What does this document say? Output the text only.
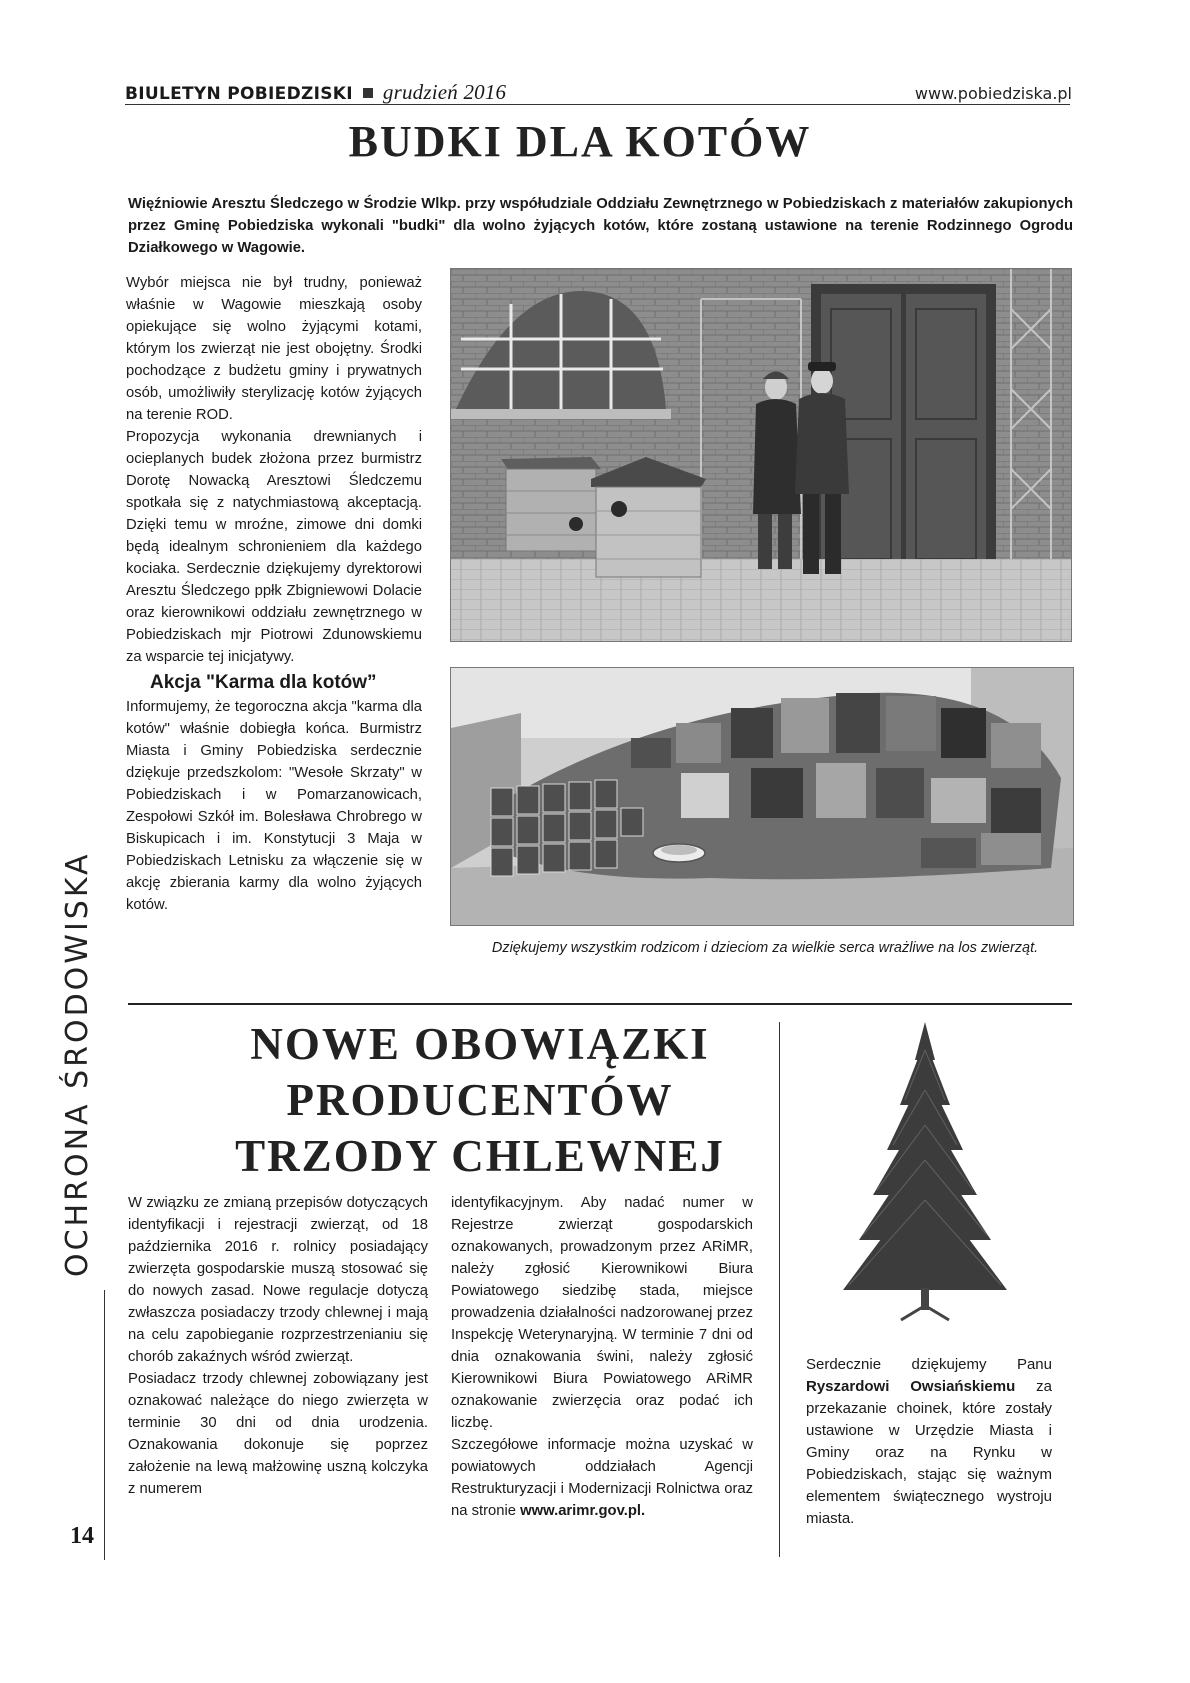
BIULETYN POBIEDZISKI grudzień 2016	www.pobiedziska.pl
BUDKI DLA KOTÓW

Więźniowie Aresztu Śledczego w Środzie Wlkp. przy współudziale Oddziału Zewnętrznego w Pobiedziskach z materiałów zakupionych przez Gminę Pobiedziska wykonali "budki" dla wolno żyjących kotów, które zostaną ustawione na terenie Rodzinnego Ogrodu Działkowego w Wagowie.

Wybór miejsca nie był trudny, ponieważ właśnie w Wagowie mieszkają osoby opiekujące się wolno żyjącymi kotami, którym los zwierząt nie jest obojętny. Środki pochodzące z budżetu gminy i prywatnych osób, umożliwiły sterylizację kotów żyjących na terenie ROD.

Propozycja wykonania drewnianych i ocieplanych budek złożona przez burmistrz Dorotę Nowacką Aresztowi Śledczemu spotkała się z natychmiastową akceptacją. Dzięki temu w mroźne, zimowe dni domki będą idealnym schronieniem dla każdego kociaka. Serdecznie dziękujemy dyrektorowi Aresztu Śledczego ppłk Zbigniewowi Dolacie oraz kierownikowi oddziału zewnętrznego w Pobiedziskach mjr Piotrowi Zdunowskiemu za wsparcie tej inicjatywy.

Akcja "Karma dla kotów”

Informujemy, że tegoroczna akcja "karma dla kotów" właśnie dobiegła końca. Burmistrz Miasta i Gminy Pobiedziska serdecznie dziękuje przedszkolom: "Wesołe Skrzaty" w Pobiedziskach i w Pomarzanowicach, Zespołowi Szkół im. Bolesława Chrobrego w Biskupicach i im. Konstytucji 3 Maja w Pobiedziskach Letnisku za włączenie się w akcję zbierania karmy dla wolno żyjących kotów.

Dziękujemy wszystkim rodzicom i dzieciom za wielkie serca wrażliwe na los zwierząt.
OCHRONA ŚRODOWISKA
14
NOWE OBOWIĄZKI
PRODUCENTÓW
TRZODY CHLEWNEJ

W związku ze zmianą przepisów dotyczących identyfikacji i rejestracji zwierząt, od 18 października 2016 r. rolnicy posiadający zwierzęta gospodarskie muszą stosować się do nowych zasad. Nowe regulacje dotyczą zwłaszcza posiadaczy trzody chlewnej i mają na celu zapobieganie rozprzestrzenianiu się chorób zakaźnych wśród zwierząt.

Posiadacz trzody chlewnej zobowiązany jest oznakować należące do niego zwierzęta w terminie 30 dni od dnia urodzenia. Oznakowania dokonuje się poprzez założenie na lewą małżowinę uszną kolczyka z numerem

identyfikacyjnym. Aby nadać numer w Rejestrze zwierząt gospodarskich oznakowanych, prowadzonym przez ARiMR, należy zgłosić Kierownikowi Biura Powiatowego siedzibę stada, miejsce prowadzenia działalności nadzorowanej przez Inspekcję Weterynaryjną. W terminie 7 dni od dnia oznakowania świni, należy zgłosić Kierownikowi Biura Powiatowego ARiMR oznakowanie zwierzęcia oraz podać ich liczbę.

Szczegółowe informacje można uzyskać w powiatowych oddziałach Agencji Restrukturyzacji i Modernizacji Rolnictwa oraz na stronie www.arimr.gov.pl.

Serdecznie dziękujemy Panu Ryszardowi Owsiańskiemu za przekazanie choinek, które zostały ustawione w Urzędzie Miasta i Gminy oraz na Rynku w Pobiedziskach, stając się ważnym elementem świątecznego wystroju miasta.
